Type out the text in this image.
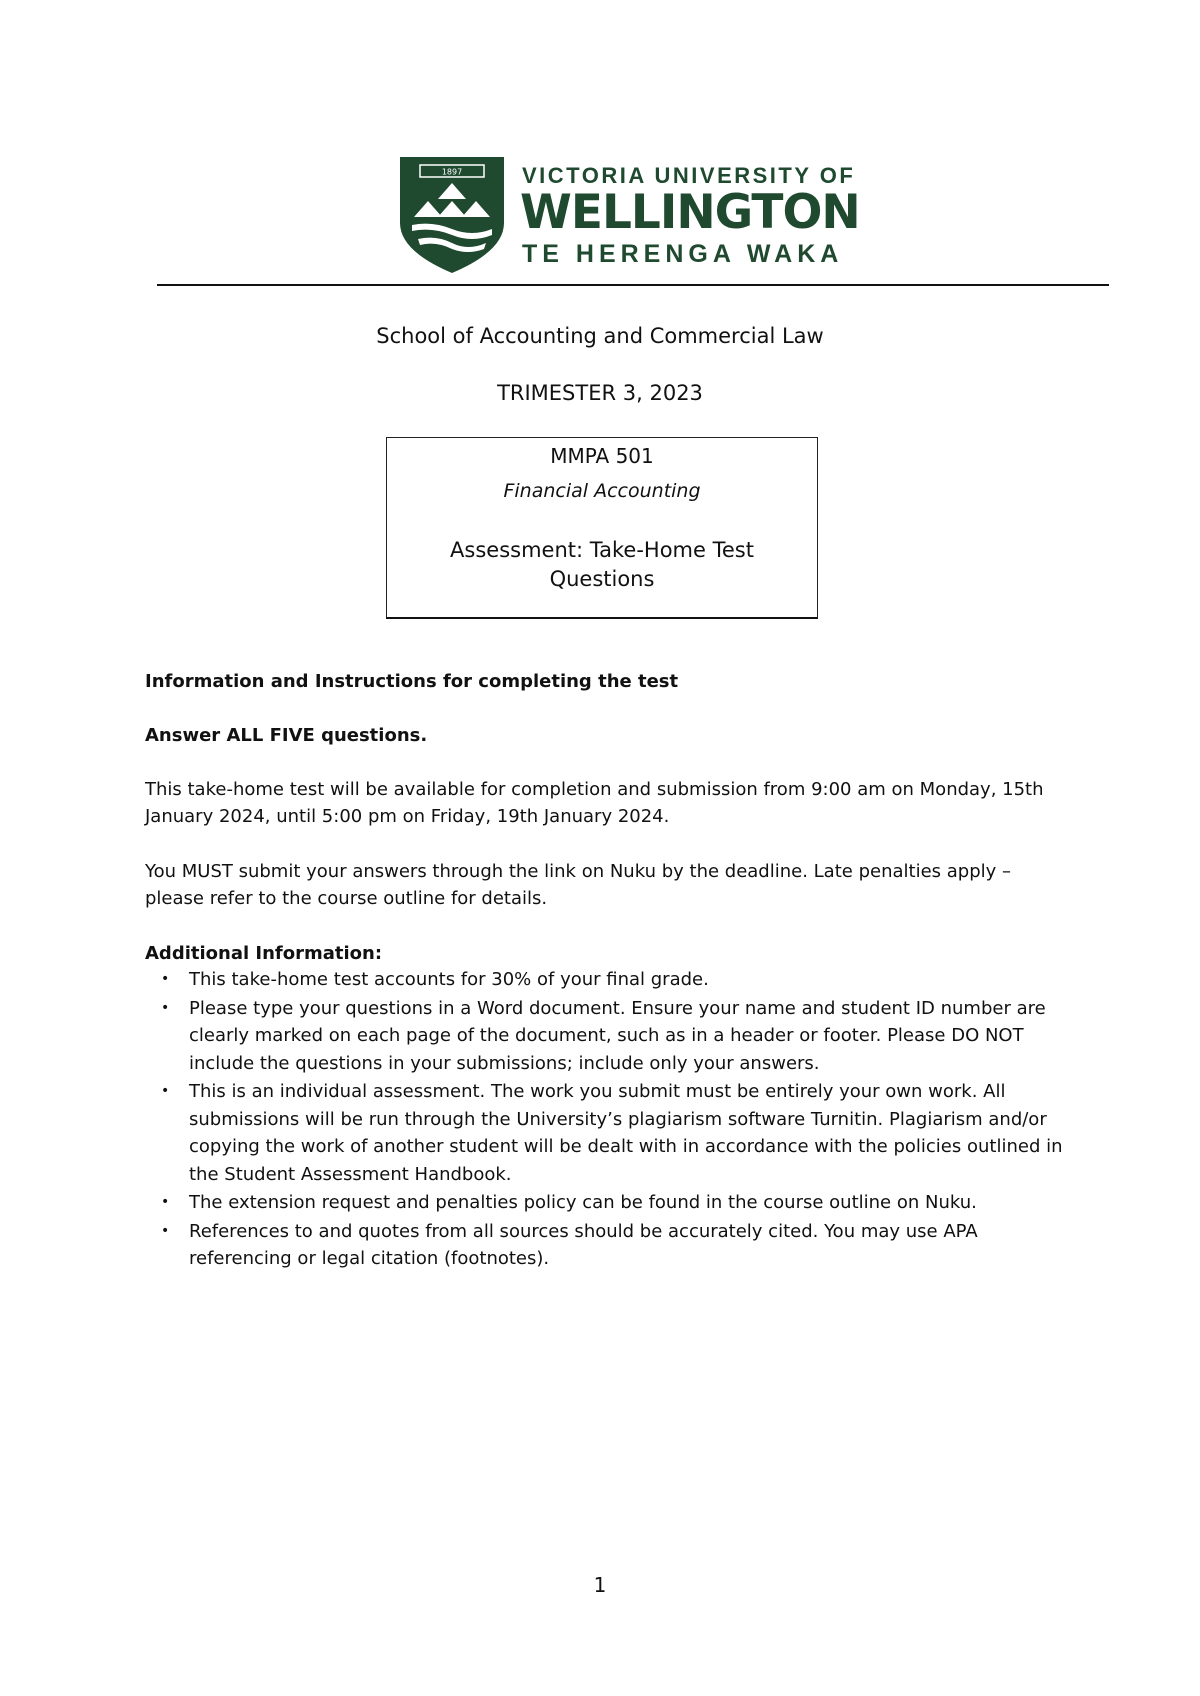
1897	VICTORIA UNIVERSITY OF
WELLINGTON
TE HERENGA WAKA
School of Accounting and Commercial Law
TRIMESTER 3, 2023
MMPA 501
Financial Accounting
Assessment: Take-Home Test
Questions
Information and Instructions for completing the test
Answer ALL FIVE questions.
This take-home test will be available for completion and submission from 9:00 am on Monday, 15th January 2024, until 5:00 pm on Friday, 19th January 2024.
You MUST submit your answers through the link on Nuku by the deadline. Late penalties apply – please refer to the course outline for details.
Additional Information:
• This take-home test accounts for 30% of your final grade.
• Please type your questions in a Word document. Ensure your name and student ID number are clearly marked on each page of the document, such as in a header or footer. Please DO NOT include the questions in your submissions; include only your answers.
• This is an individual assessment. The work you submit must be entirely your own work. All submissions will be run through the University’s plagiarism software Turnitin. Plagiarism and/or copying the work of another student will be dealt with in accordance with the policies outlined in the Student Assessment Handbook.
• The extension request and penalties policy can be found in the course outline on Nuku.
• References to and quotes from all sources should be accurately cited. You may use APA referencing or legal citation (footnotes).
1
